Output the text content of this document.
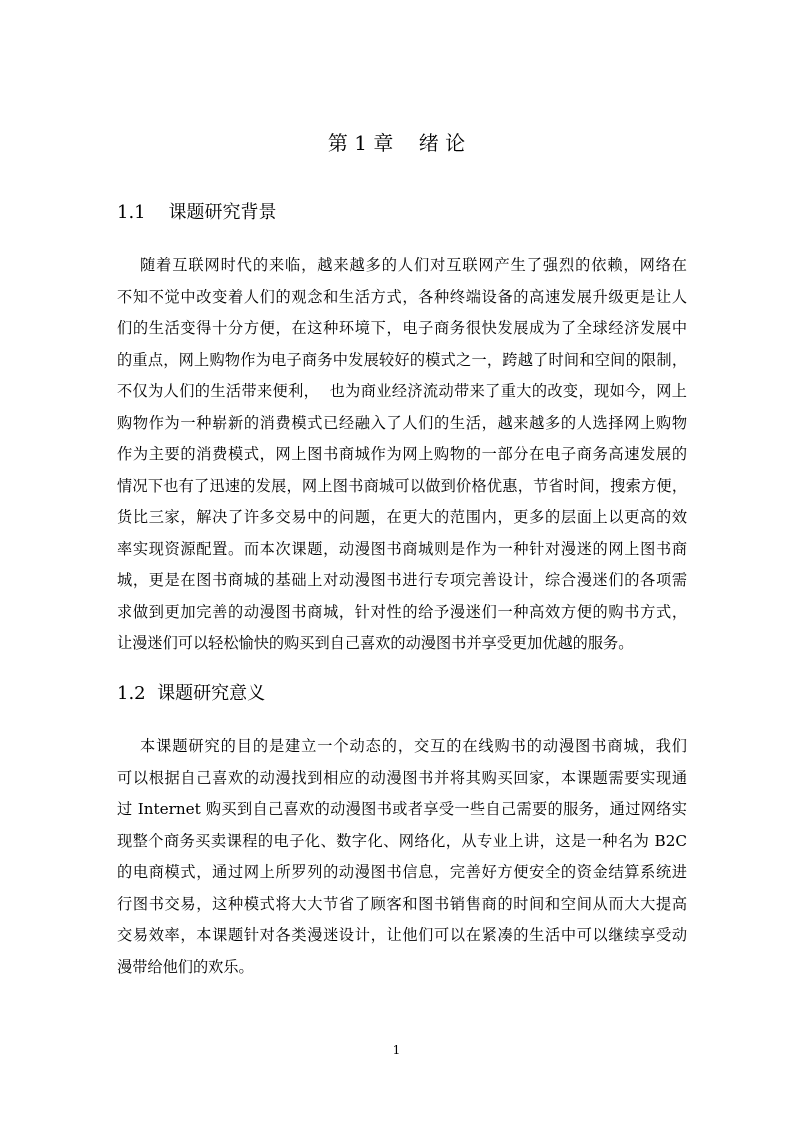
第 1 章    绪 论
1.1    课题研究背景
随着互联网时代的来临，越来越多的人们对互联网产生了强烈的依赖，网络在
不知不觉中改变着人们的观念和生活方式，各种终端设备的高速发展升级更是让人
们的生活变得十分方便，在这种环境下，电子商务很快发展成为了全球经济发展中
的重点，网上购物作为电子商务中发展较好的模式之一，跨越了时间和空间的限制，
不仅为人们的生活带来便利，  也为商业经济流动带来了重大的改变，现如今，网上
购物作为一种崭新的消费模式已经融入了人们的生活，越来越多的人选择网上购物
作为主要的消费模式，网上图书商城作为网上购物的一部分在电子商务高速发展的
情况下也有了迅速的发展，网上图书商城可以做到价格优惠，节省时间，搜索方便，
货比三家，解决了许多交易中的问题，在更大的范围内，更多的层面上以更高的效
率实现资源配置。而本次课题，动漫图书商城则是作为一种针对漫迷的网上图书商
城，更是在图书商城的基础上对动漫图书进行专项完善设计，综合漫迷们的各项需
求做到更加完善的动漫图书商城，针对性的给予漫迷们一种高效方便的购书方式，
让漫迷们可以轻松愉快的购买到自己喜欢的动漫图书并享受更加优越的服务。
1.2  课题研究意义
本课题研究的目的是建立一个动态的，交互的在线购书的动漫图书商城，我们
可以根据自己喜欢的动漫找到相应的动漫图书并将其购买回家，本课题需要实现通
过 Internet 购买到自己喜欢的动漫图书或者享受一些自己需要的服务，通过网络实
现整个商务买卖课程的电子化、数字化、网络化，从专业上讲，这是一种名为 B2C
的电商模式，通过网上所罗列的动漫图书信息，完善好方便安全的资金结算系统进
行图书交易，这种模式将大大节省了顾客和图书销售商的时间和空间从而大大提高
交易效率，本课题针对各类漫迷设计，让他们可以在紧凑的生活中可以继续享受动
漫带给他们的欢乐。
1
